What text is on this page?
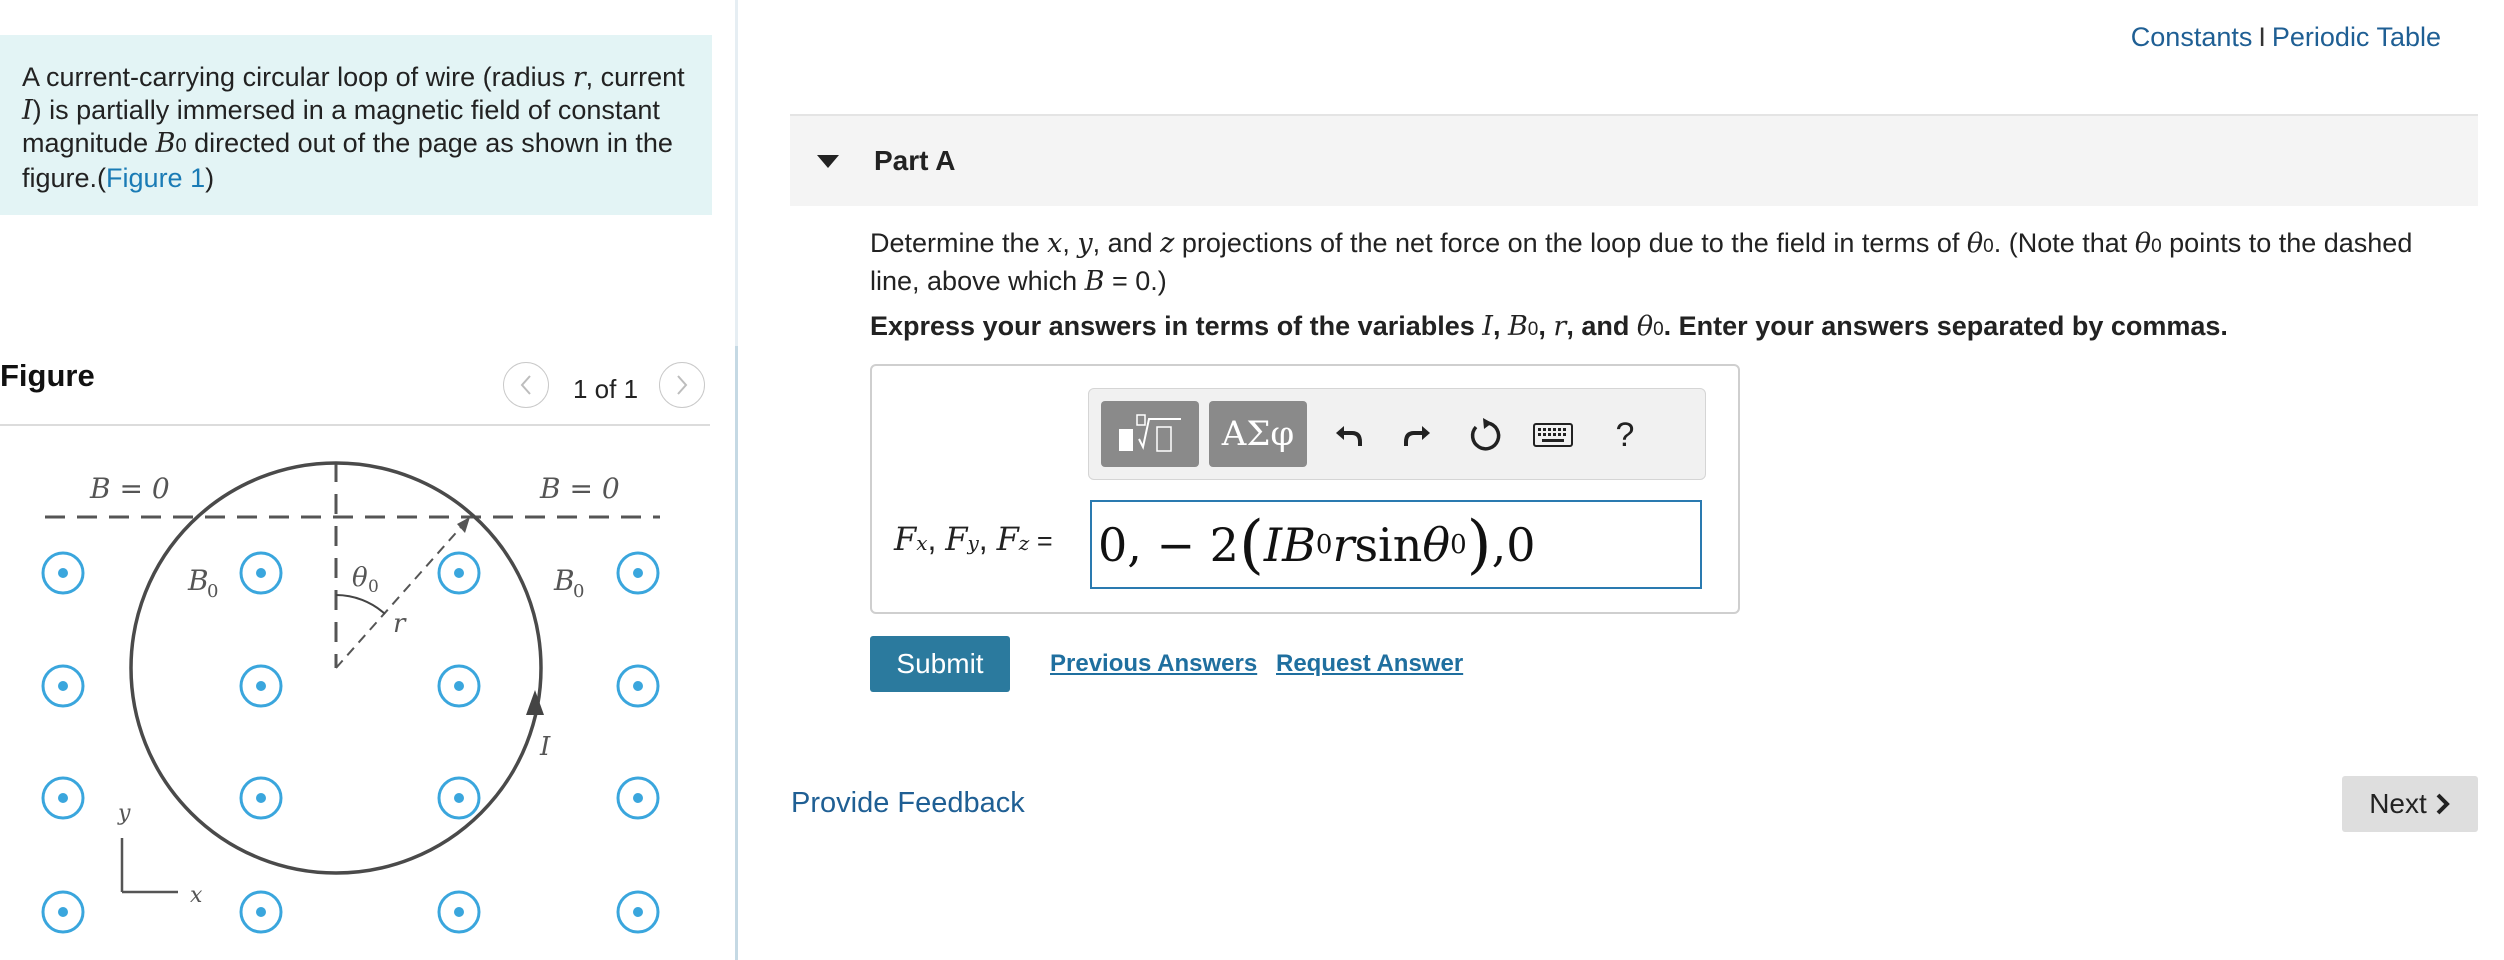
A current-carrying circular loop of wire (radius r, current
I) is partially immersed in a magnetic field of constant
magnitude B0 directed out of the page as shown in the
figure.(Figure 1)
Figure	1 of 1
B = 0	B = 0
B
0	B
0
θ 0
r
I
y
x
Constants I Periodic Table
Part A
Determine the x, y, and z projections of the net force on the loop due to the field in terms of θ0. (Note that θ0 points to the dashed line, above which B = 0.)
Express your answers in terms of the variables I, B0, r, and θ0. Enter your answers separated by commas.
ΑΣφ	?
Fx, Fy, Fz = 0, − 2 ( IB 0 r sin θ 0 ) ,0
Submit	Previous Answers Request Answer
Provide Feedback	Next
